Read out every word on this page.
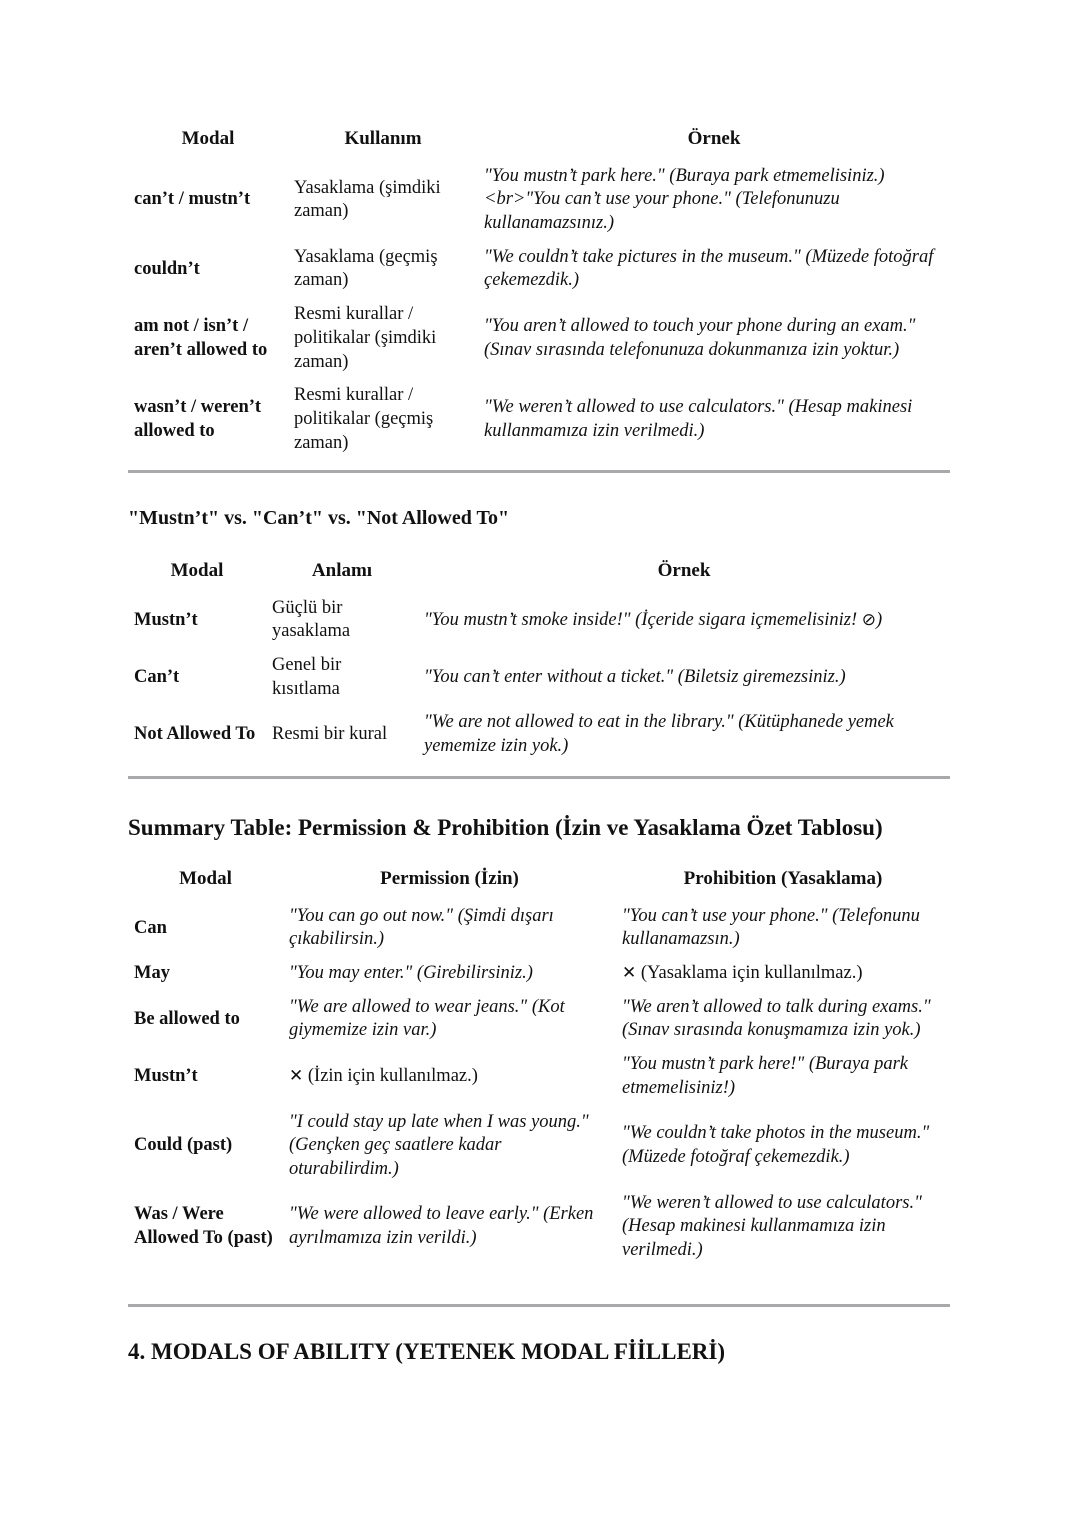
Modal	Kullanım	Örnek
can’t / mustn’t	Yasaklama (şimdiki zaman)	"You mustn’t park here." (Buraya park etmemelisiniz.)<br>"You can’t use your phone." (Telefonunuzu kullanamazsınız.)
couldn’t	Yasaklama (geçmiş zaman)	"We couldn’t take pictures in the museum." (Müzede fotoğraf çekemezdik.)
am not / isn’t / aren’t allowed to	Resmi kurallar / politikalar (şimdiki zaman)	"You aren’t allowed to touch your phone during an exam." (Sınav sırasında telefonunuza dokunmanıza izin yoktur.)
wasn’t / weren’t allowed to	Resmi kurallar / politikalar (geçmiş zaman)	"We weren’t allowed to use calculators." (Hesap makinesi kullanmamıza izin verilmedi.)
"Mustn’t" vs. "Can’t" vs. "Not Allowed To"
Modal	Anlamı	Örnek
Mustn’t	Güçlü bir yasaklama	"You mustn’t smoke inside!" (İçeride sigara içmemelisiniz! ⊘)
Can’t	Genel bir kısıtlama	"You can’t enter without a ticket." (Biletsiz giremezsiniz.)
Not Allowed To	Resmi bir kural	"We are not allowed to eat in the library." (Kütüphanede yemek yememize izin yok.)
Summary Table: Permission & Prohibition (İzin ve Yasaklama Özet Tablosu)
Modal	Permission (İzin)	Prohibition (Yasaklama)
Can	"You can go out now." (Şimdi dışarı çıkabilirsin.)	"You can’t use your phone." (Telefonunu kullanamazsın.)
May	"You may enter." (Girebilirsiniz.)	✕ (Yasaklama için kullanılmaz.)
Be allowed to	"We are allowed to wear jeans." (Kot giymemize izin var.)	"We aren’t allowed to talk during exams." (Sınav sırasında konuşmamıza izin yok.)
Mustn’t	✕ (İzin için kullanılmaz.)	"You mustn’t park here!" (Buraya park etmemelisiniz!)
Could (past)	"I could stay up late when I was young." (Gençken geç saatlere kadar oturabilirdim.)	"We couldn’t take photos in the museum." (Müzede fotoğraf çekemezdik.)
Was / Were Allowed To (past)	"We were allowed to leave early." (Erken ayrılmamıza izin verildi.)	"We weren’t allowed to use calculators." (Hesap makinesi kullanmamıza izin verilmedi.)
4. MODALS OF ABILITY (YETENEK MODAL FİİLLERİ)
